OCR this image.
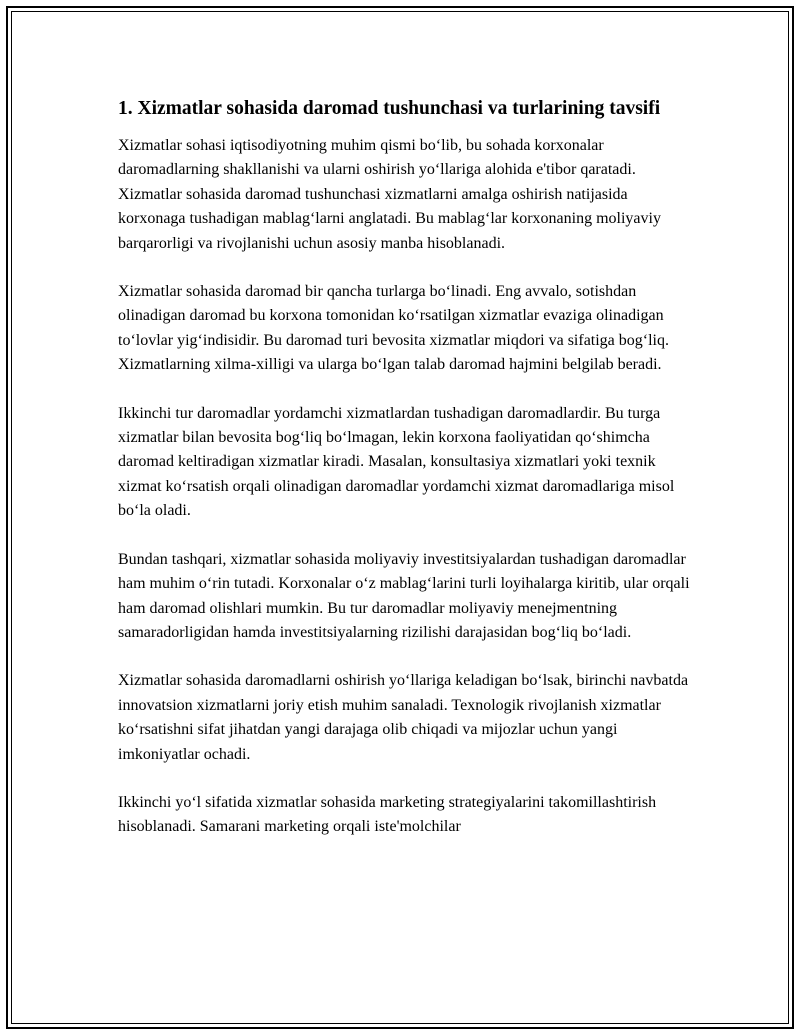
1. Xizmatlar sohasida daromad tushunchasi va turlarining tavsifi

Xizmatlar sohasi iqtisodiyotning muhim qismi bo‘lib, bu sohada korxonalar daromadlarning shakllanishi va ularni oshirish yo‘llariga alohida e'tibor qaratadi. Xizmatlar sohasida daromad tushunchasi xizmatlarni amalga oshirish natijasida korxonaga tushadigan mablag‘larni anglatadi. Bu mablag‘lar korxonaning moliyaviy barqarorligi va rivojlanishi uchun asosiy manba hisoblanadi.

Xizmatlar sohasida daromad bir qancha turlarga bo‘linadi. Eng avvalo, sotishdan olinadigan daromad bu korxona tomonidan ko‘rsatilgan xizmatlar evaziga olinadigan to‘lovlar yig‘indisidir. Bu daromad turi bevosita xizmatlar miqdori va sifatiga bog‘liq. Xizmatlarning xilma-xilligi va ularga bo‘lgan talab daromad hajmini belgilab beradi.

Ikkinchi tur daromadlar yordamchi xizmatlardan tushadigan daromadlardir. Bu turga xizmatlar bilan bevosita bog‘liq bo‘lmagan, lekin korxona faoliyatidan qo‘shimcha daromad keltiradigan xizmatlar kiradi. Masalan, konsultasiya xizmatlari yoki texnik xizmat ko‘rsatish orqali olinadigan daromadlar yordamchi xizmat daromadlariga misol bo‘la oladi.

Bundan tashqari, xizmatlar sohasida moliyaviy investitsiyalardan tushadigan daromadlar ham muhim o‘rin tutadi. Korxonalar o‘z mablag‘larini turli loyihalarga kiritib, ular orqali ham daromad olishlari mumkin. Bu tur daromadlar moliyaviy menejmentning samaradorligidan hamda investitsiyalarning rizilishi darajasidan bog‘liq bo‘ladi.

Xizmatlar sohasida daromadlarni oshirish yo‘llariga keladigan bo‘lsak, birinchi navbatda innovatsion xizmatlarni joriy etish muhim sanaladi. Texnologik rivojlanish xizmatlar ko‘rsatishni sifat jihatdan yangi darajaga olib chiqadi va mijozlar uchun yangi imkoniyatlar ochadi.

Ikkinchi yo‘l sifatida xizmatlar sohasida marketing strategiyalarini takomillashtirish hisoblanadi. Samarani marketing orqali iste'molchilar
